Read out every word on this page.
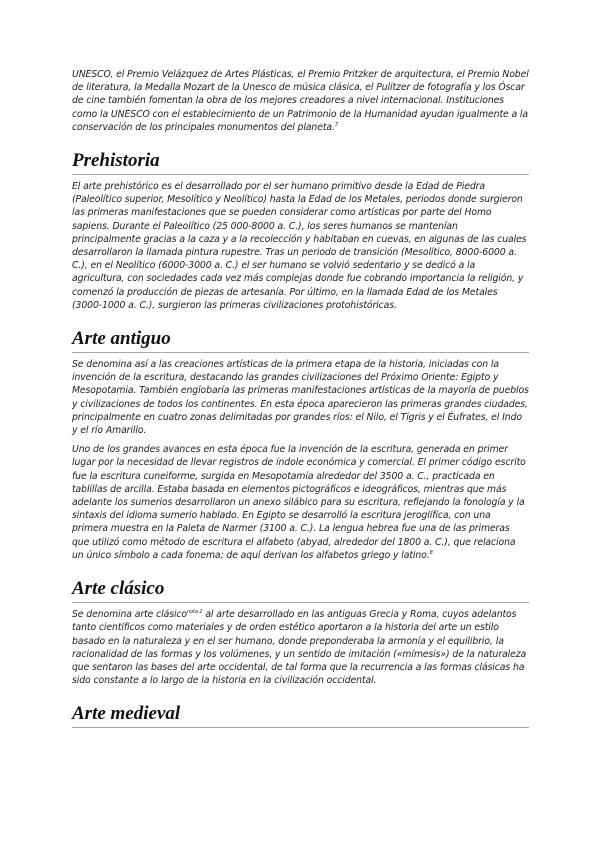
UNESCO, el Premio Velázquez de Artes Plásticas, el Premio Pritzker de arquitectura, el Premio Nobel de literatura, la Medalla Mozart de la Unesco de música clásica, el Pulitzer de fotografía y los Óscar de cine también fomentan la obra de los mejores creadores a nivel internacional. Instituciones como la UNESCO con el establecimiento de un Patrimonio de la Humanidad ayudan igualmente a la conservación de los principales monumentos del planeta.$^7$

Prehistoria

El arte prehistórico es el desarrollado por el ser humano primitivo desde la Edad de Piedra (Paleolítico superior, Mesolítico y Neolítico) hasta la Edad de los Metales, periodos donde surgieron las primeras manifestaciones que se pueden considerar como artísticas por parte del Homo sapiens. Durante el Paleolítico (25 000-8000 a. C.), los seres humanos se mantenían principalmente gracias a la caza y a la recolección y habitaban en cuevas, en algunas de las cuales desarrollaron la llamada pintura rupestre. Tras un periodo de transición (Mesolítico, 8000-6000 a. C.), en el Neolítico (6000-3000 a. C.) el ser humano se volvió sedentario y se dedicó a la agricultura, con sociedades cada vez más complejas donde fue cobrando importancia la religión, y comenzó la producción de piezas de artesanía. Por último, en la llamada Edad de los Metales (3000-1000 a. C.), surgieron las primeras civilizaciones protohistóricas.

Arte antiguo

Se denomina así a las creaciones artísticas de la primera etapa de la historia, iniciadas con la invención de la escritura, destacando las grandes civilizaciones del Próximo Oriente: Egipto y Mesopotamia. También englobaría las primeras manifestaciones artísticas de la mayoría de pueblos y civilizaciones de todos los continentes. En esta época aparecieron las primeras grandes ciudades, principalmente en cuatro zonas delimitadas por grandes ríos: el Nilo, el Tigris y el Éufrates, el Indo y el río Amarillo.

Uno de los grandes avances en esta época fue la invención de la escritura, generada en primer lugar por la necesidad de llevar registros de índole económica y comercial. El primer código escrito fue la escritura cuneiforme, surgida en Mesopotamia alrededor del 3500 a. C., practicada en tablillas de arcilla. Estaba basada en elementos pictográficos e ideográficos, mientras que más adelante los sumerios desarrollaron un anexo silábico para su escritura, reflejando la fonología y la sintaxis del idioma sumerio hablado. En Egipto se desarrolló la escritura jeroglífica, con una primera muestra en la Paleta de Narmer (3100 a. C.). La lengua hebrea fue una de las primeras que utilizó como método de escritura el alfabeto (abyad, alrededor del 1800 a. C.), que relaciona un único símbolo a cada fonema; de aquí derivan los alfabetos griego y latino.$^8$

Arte clásico

Se denomina arte clásico$^{nota 2}$ al arte desarrollado en las antiguas Grecia y Roma, cuyos adelantos tanto científicos como materiales y de orden estético aportaron a la historia del arte un estilo basado en la naturaleza y en el ser humano, donde preponderaba la armonía y el equilibrio, la racionalidad de las formas y los volúmenes, y un sentido de imitación («mímesis») de la naturaleza que sentaron las bases del arte occidental, de tal forma que la recurrencia a las formas clásicas ha sido constante a lo largo de la historia en la civilización occidental.

Arte medieval
